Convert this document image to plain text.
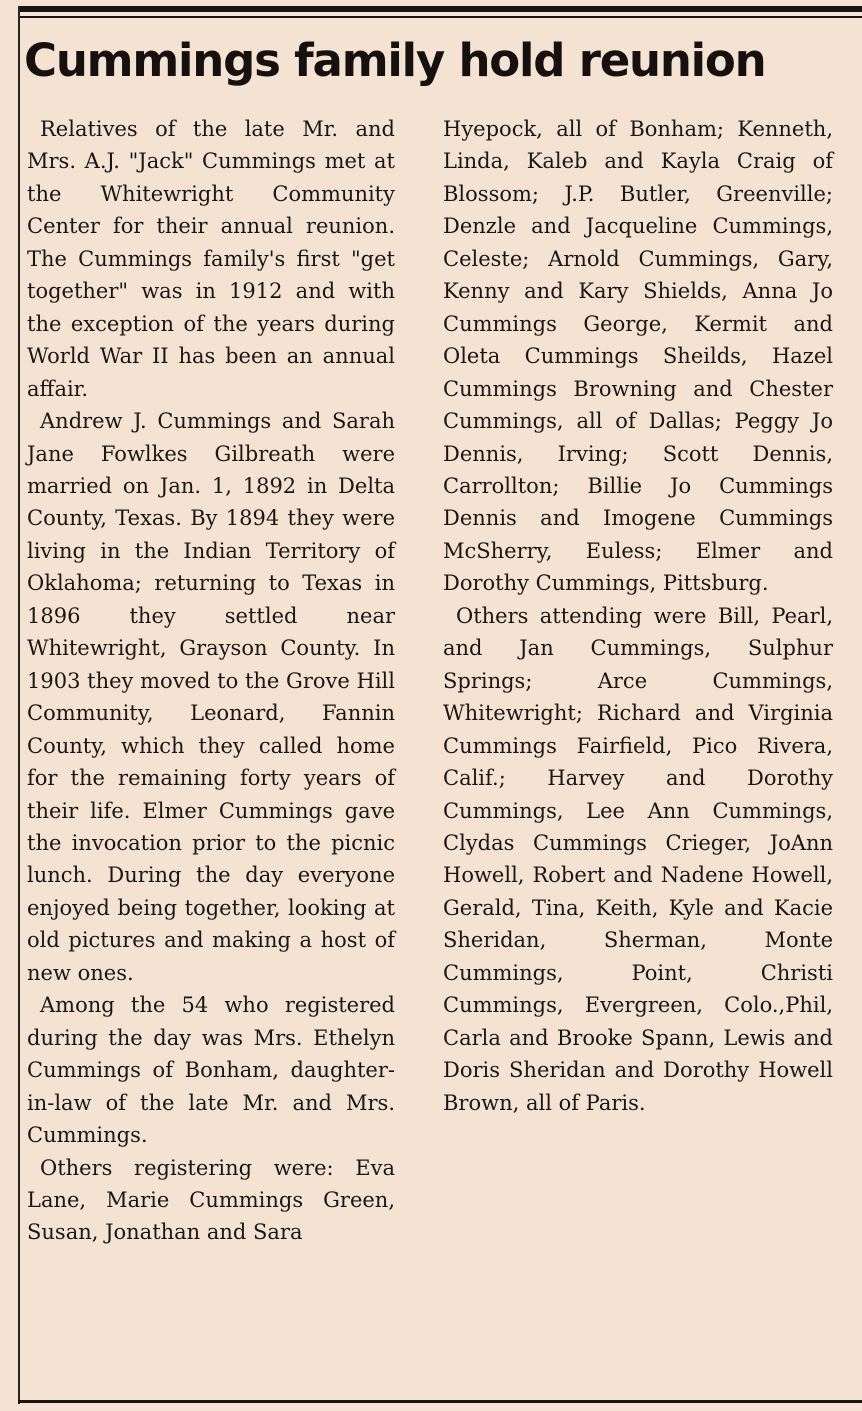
Cummings family hold reunion

Relatives of the late Mr. and Mrs. A.J. "Jack" Cummings met at the Whitewright Community Center for their annual reunion. The Cummings family's first "get together" was in 1912 and with the exception of the years during World War II has been an annual affair.

Andrew J. Cummings and Sarah Jane Fowlkes Gilbreath were married on Jan. 1, 1892 in Delta County, Texas. By 1894 they were living in the Indian Territory of Oklahoma; returning to Texas in 1896 they settled near Whitewright, Grayson County. In 1903 they moved to the Grove Hill Community, Leonard, Fannin County, which they called home for the remaining forty years of their life. Elmer Cummings gave the invocation prior to the picnic lunch. During the day everyone enjoyed being together, looking at old pictures and making a host of new ones.

Among the 54 who registered during the day was Mrs. Ethelyn Cummings of Bonham, daughter-in-law of the late Mr. and Mrs. Cummings.

Others registering were: Eva Lane, Marie Cummings Green, Susan, Jonathan and Sara

Hyepock, all of Bonham; Kenneth, Linda, Kaleb and Kayla Craig of Blossom; J.P. Butler, Greenville; Denzle and Jacqueline Cummings, Celeste; Arnold Cummings, Gary, Kenny and Kary Shields, Anna Jo Cummings George, Kermit and Oleta Cummings Sheilds, Hazel Cummings Browning and Chester Cummings, all of Dallas; Peggy Jo Dennis, Irving; Scott Dennis, Carrollton; Billie Jo Cummings Dennis and Imogene Cummings McSherry, Euless; Elmer and Dorothy Cummings, Pittsburg.

Others attending were Bill, Pearl, and Jan Cummings, Sulphur Springs; Arce Cummings, Whitewright; Richard and Virginia Cummings Fairfield, Pico Rivera, Calif.; Harvey and Dorothy Cummings, Lee Ann Cummings, Clydas Cummings Crieger, JoAnn Howell, Robert and Nadene Howell, Gerald, Tina, Keith, Kyle and Kacie Sheridan, Sherman, Monte Cummings, Point, Christi Cummings, Evergreen, Colo.,Phil, Carla and Brooke Spann, Lewis and Doris Sheridan and Dorothy Howell Brown, all of Paris.
